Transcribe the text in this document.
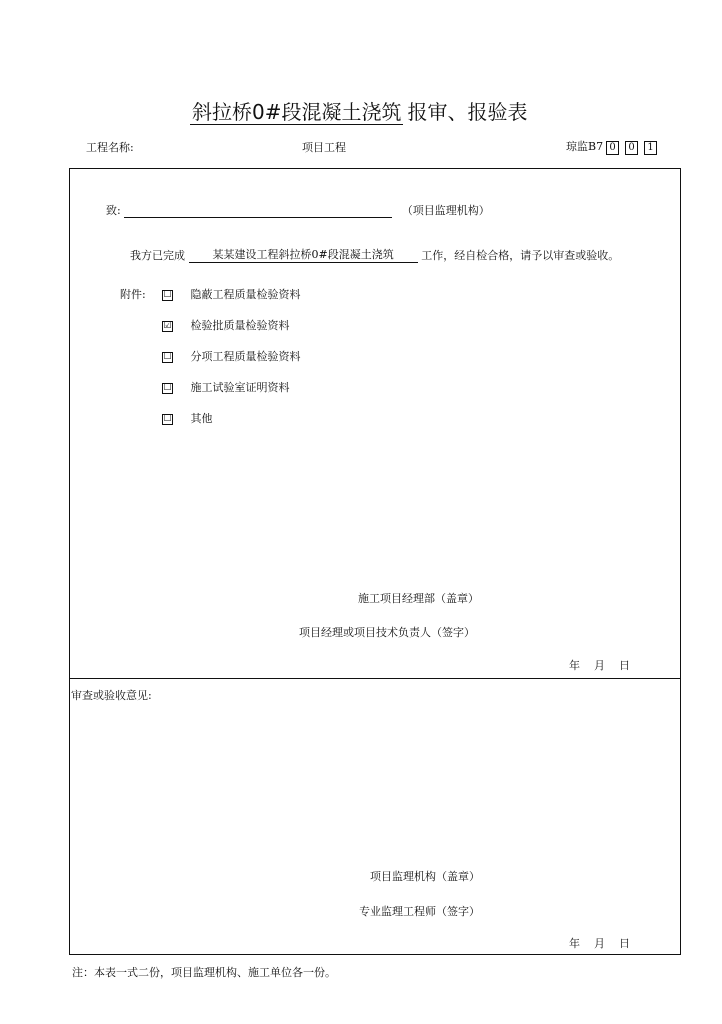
斜拉桥0#段混凝土浇筑 报审、报验表
工程名称:	项目工程	琼监B7 0 0 1
致:	（项目监理机构）
我方已完成	某某建设工程斜拉桥0#段混凝土浇筑	工作，经自检合格，请予以审查或验收。
附件: ☐ 隐蔽工程质量检验资料
☑ 检验批质量检验资料
☐ 分项工程质量检验资料
☐ 施工试验室证明资料
☐ 其他
施工项目经理部（盖章）
项目经理或项目技术负责人（签字）
年    月    日
审查或验收意见:
项目监理机构（盖章）
专业监理工程师（签字）
年    月    日
注：本表一式二份，项目监理机构、施工单位各一份。
